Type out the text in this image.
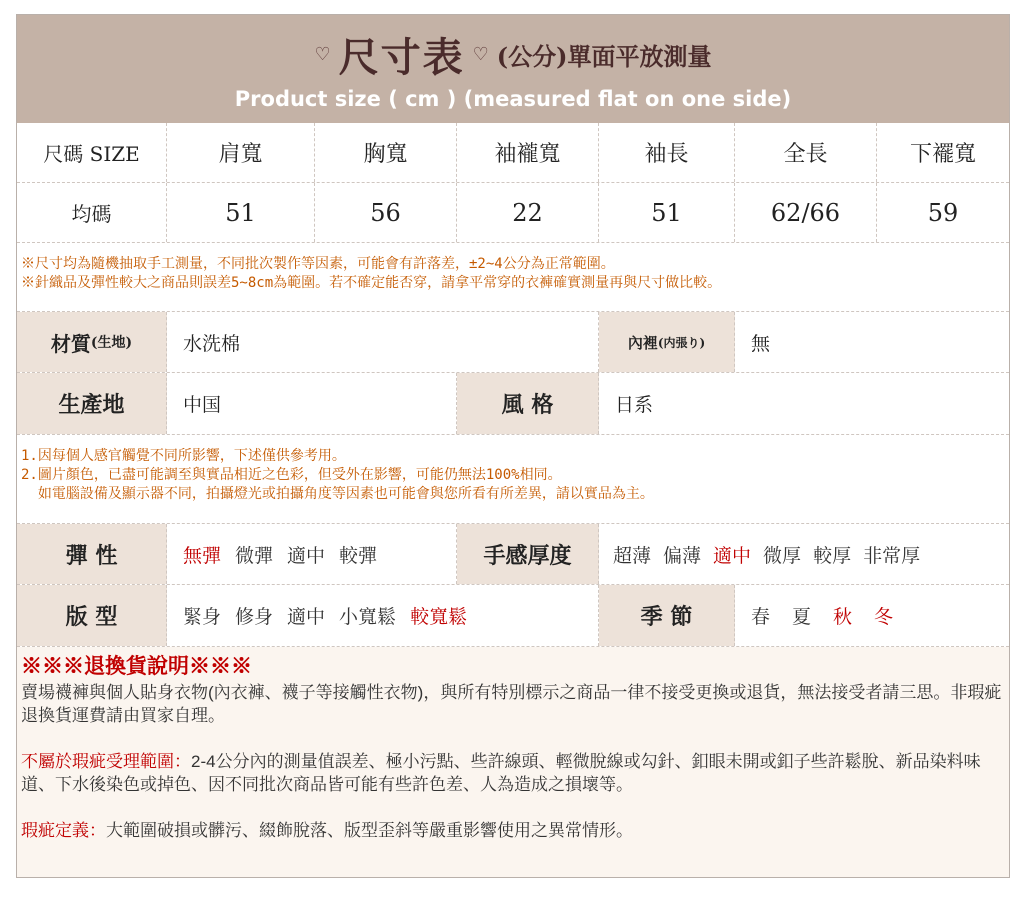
♡ 尺寸表 ♡ (公分)單面平放測量
Product size ( cm ) (measured flat on one side)
尺碼 SIZE	肩寬	胸寬	袖襱寬	袖長	全長	下襬寬
均碼	51	56	22	51	62/66	59
※尺寸均為隨機抽取手工測量，不同批次製作等因素，可能會有許落差，±2~4公分為正常範圍。
※針織品及彈性較大之商品則誤差5~8cm為範圍。若不確定能否穿，請拿平常穿的衣褲確實測量再與尺寸做比較。
材質 (生地)	水洗棉	內裡 (内張り)	無
生產地	中国	風 格	日系
1.因每個人感官觸覺不同所影響，下述僅供參考用。
2.圖片顏色，已盡可能調至與實品相近之色彩，但受外在影響，可能仍無法100%相同。
如電腦設備及顯示器不同，拍攝燈光或拍攝角度等因素也可能會與您所看有所差異，請以實品為主。
彈 性	無彈 微彈 適中 較彈	手感厚度	超薄 偏薄 適中 微厚 較厚 非常厚
版 型	緊身 修身 適中 小寬鬆 較寬鬆	季 節	春 夏 秋 冬
※※※退換貨說明※※※

賣場襪褲與個人貼身衣物(內衣褲、襪子等接觸性衣物)，與所有特別標示之商品一律不接受更換或退貨，無法接受者請三思。非瑕疵退換貨運費請由買家自理。

不屬於瑕疵受理範圍：2-4公分內的測量值誤差、極小污點、些許線頭、輕微脫線或勾針、釦眼未開或釦子些許鬆脫、新品染料味道、下水後染色或掉色、因不同批次商品皆可能有些許色差、人為造成之損壞等。

瑕疵定義：大範圍破損或髒污、綴飾脫落、版型歪斜等嚴重影響使用之異常情形。
